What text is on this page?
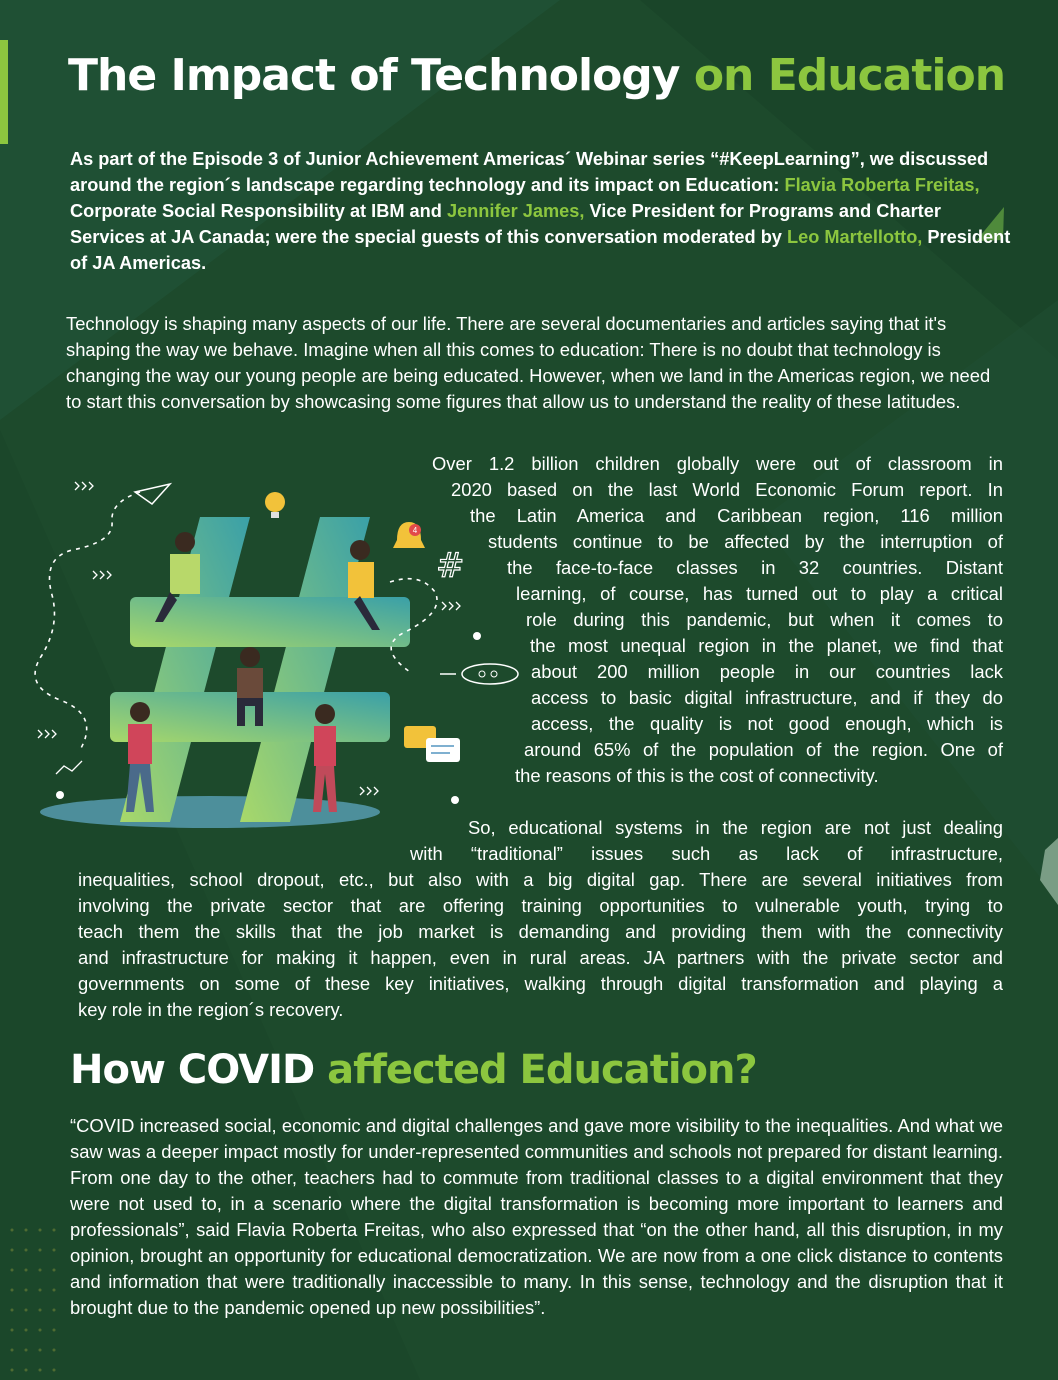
The Impact of Technology on Education
As part of the Episode 3 of Junior Achievement Americas´ Webinar series “#KeepLearning”, we discussed around the region´s landscape regarding technology and its impact on Education: Flavia Roberta Freitas, Corporate Social Responsibility at IBM and Jennifer James, Vice President for Programs and Charter Services at JA Canada; were the special guests of this conversation moderated by Leo Martellotto, President of JA Americas.
Technology is shaping many aspects of our life. There are several documentaries and articles saying that it's shaping the way we behave. Imagine when all this comes to education: There is no doubt that technology is changing the way our young people are being educated. However, when we land in the Americas region, we need to start this conversation by showcasing some figures that allow us to understand the reality of these latitudes.
4
#
Over 1.2 billion children globally were out of classroom in
2020 based on the last World Economic Forum report. In
the Latin America and Caribbean region, 116 million
students continue to be affected by the interruption of
the face-to-face classes in 32 countries. Distant
learning, of course, has turned out to play a critical
role during this pandemic, but when it comes to
the most unequal region in the planet, we find that
about 200 million people in our countries lack
access to basic digital infrastructure, and if they do
access, the quality is not good enough, which is
around 65% of the population of the region. One of
the reasons of this is the cost of connectivity.
So, educational systems in the region are not just dealing
with “traditional” issues such as lack of infrastructure,
inequalities, school dropout, etc., but also with a big digital gap. There are several initiatives from
involving the private sector that are offering training opportunities to vulnerable youth, trying to
teach them the skills that the job market is demanding and providing them with the connectivity
and infrastructure for making it happen, even in rural areas. JA partners with the private sector and
governments on some of these key initiatives, walking through digital transformation and playing a
key role in the region´s recovery.
How COVID affected Education?
“COVID increased social, economic and digital challenges and gave more visibility to the inequalities. And what we saw was a deeper impact mostly for under-represented communities and schools not prepared for distant learning. From one day to the other, teachers had to commute from traditional classes to a digital environment that they were not used to, in a scenario where the digital transformation is becoming more important to learners and professionals”, said Flavia Roberta Freitas, who also expressed that “on the other hand, all this disruption, in my opinion, brought an opportunity for educational democratization. We are now from a one click distance to contents and information that were traditionally inaccessible to many. In this sense, technology and the disruption that it brought due to the pandemic opened up new possibilities”.
